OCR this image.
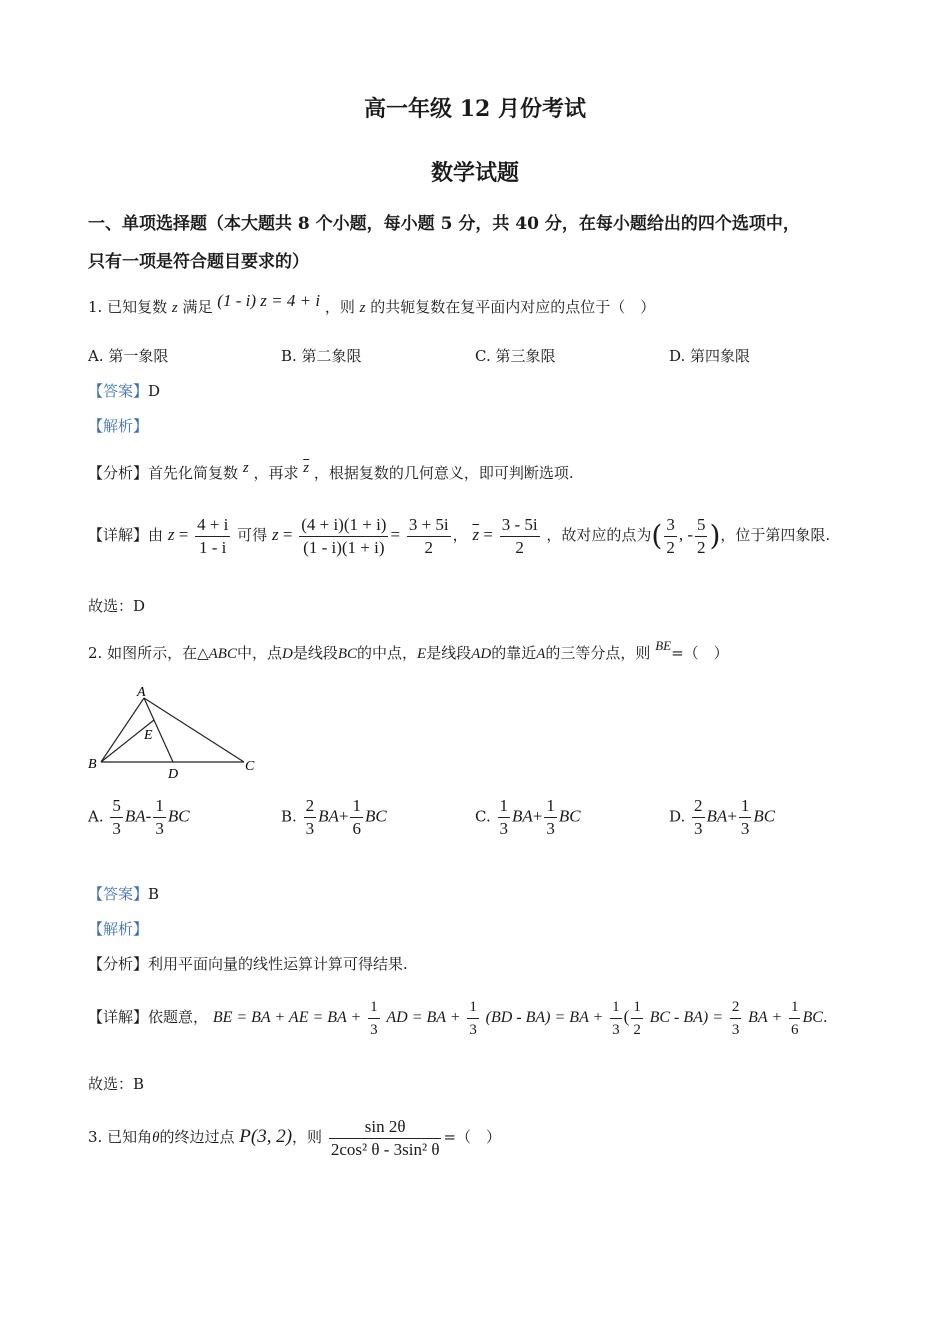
高一年级 12 月份考试
数学试题
一、单项选择题（本大题共 8 个小题，每小题 5 分，共 40 分，在每小题给出的四个选项中，
只有一项是符合题目要求的）
1. 已知复数 z 满足 (1 - i) z = 4 + i ，则 z 的共轭复数在复平面内对应的点位于（　）
A. 第一象限	B. 第二象限	C. 第三象限	D. 第四象限
【答案】D
【解析】
【分析】首先化简复数 z ，再求 $\overline{z}$ ，根据复数的几何意义，即可判断选项.
【详解】由 $z = \frac{4 + i}{1 - i}$ 可得 $z = \frac{(4 + i)(1 + i)}{(1 - i)(1 + i)} = \frac{3 + 5i}{2}$ ， $\overline{z} = \frac{3 - 5i}{2}$ ，故对应的点为( $\frac{3}{2}$ , - $\frac{5}{2}$ )，位于第四象限.
故选：D
2. 如图所示，在△ABC中，点D是线段BC的中点，E是线段AD的靠近A的三等分点，则 BE=（　）
A
B	C
D
E
A. $\frac{5}{3} BA- \frac{1}{3}$ BC	B. $\frac{2}{3} BA+ \frac{1}{6}$ BC	C. $\frac{1}{3} BA+ \frac{1}{3}$ BC	D. $\frac{2}{3} BA+ \frac{1}{3}$ BC
【答案】B
【解析】
【分析】利用平面向量的线性运算计算可得结果.
【详解】依题意， BE = BA + AE = BA + $\frac{1}{3}$ AD = BA + $\frac{1}{3} (BD - BA)$ = BA + $\frac{1}{3}$ ( $\frac{1}{2}$ BC - $BA) = \frac{2}{3}$ BA + $\frac{1}{6}$ BC.
故选：B
3. 已知角θ的终边过点 P(3, 2)，则 $\frac{\sin 2\theta}{\text{2cos² θ - 3sin² θ}}$ =（　）
